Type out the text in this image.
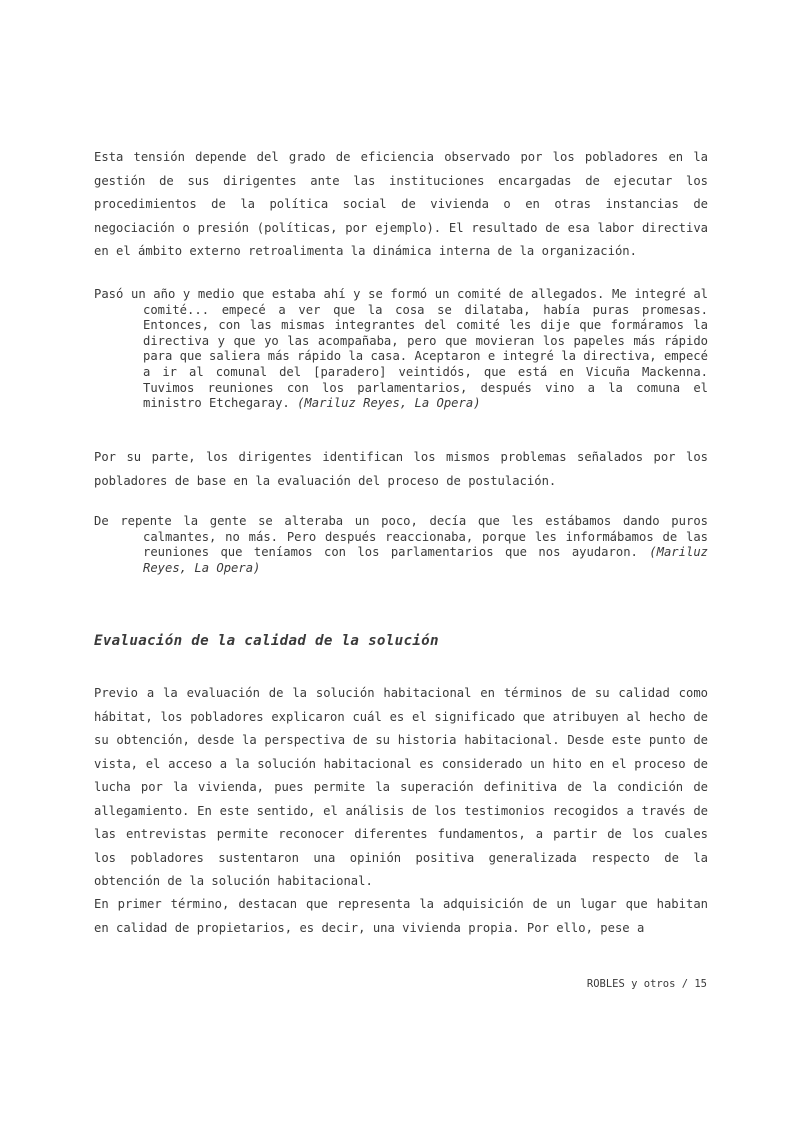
Esta tensión depende del grado de eficiencia observado por los pobladores en la gestión de sus dirigentes ante las instituciones encargadas de ejecutar los procedimientos de la política social de vivienda o en otras instancias de negociación o presión (políticas, por ejemplo). El resultado de esa labor directiva en el ámbito externo retroalimenta la dinámica interna de la organización.

Pasó un año y medio que estaba ahí y se formó un comité de allegados. Me integré al comité... empecé a ver que la cosa se dilataba, había puras promesas. Entonces, con las mismas integrantes del comité les dije que formáramos la directiva y que yo las acompañaba, pero que movieran los papeles más rápido para que saliera más rápido la casa. Aceptaron e integré la directiva, empecé a ir al comunal del [paradero] veintidós, que está en Vicuña Mackenna. Tuvimos reuniones con los parlamentarios, después vino a la comuna el ministro Etchegaray. (Mariluz Reyes, La Opera)

Por su parte, los dirigentes identifican los mismos problemas señalados por los pobladores de base en la evaluación del proceso de postulación.

De repente la gente se alteraba un poco, decía que les estábamos dando puros calmantes, no más. Pero después reaccionaba, porque les informábamos de las reuniones que teníamos con los parlamentarios que nos ayudaron. (Mariluz Reyes, La Opera)

Evaluación de la calidad de la solución

Previo a la evaluación de la solución habitacional en términos de su calidad como hábitat, los pobladores explicaron cuál es el significado que atribuyen al hecho de su obtención, desde la perspectiva de su historia habitacional. Desde este punto de vista, el acceso a la solución habitacional es considerado un hito en el proceso de lucha por la vivienda, pues permite la superación definitiva de la condición de allegamiento. En este sentido, el análisis de los testimonios recogidos a través de las entrevistas permite reconocer diferentes fundamentos, a partir de los cuales los pobladores sustentaron una opinión positiva generalizada respecto de la obtención de la solución habitacional.

En primer término, destacan que representa la adquisición de un lugar que habitan en calidad de propietarios, es decir, una vivienda propia. Por ello, pese a

ROBLES y otros / 15
